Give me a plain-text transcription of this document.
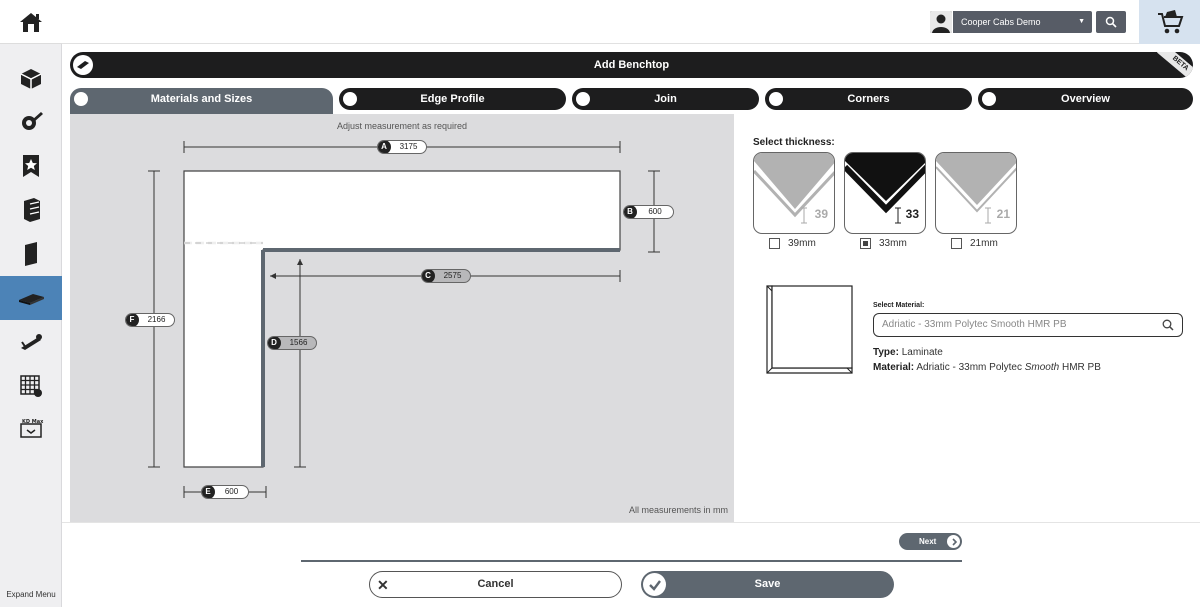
KD Max
Expand Menu
Cooper Cabs Demo	▼
Add Benchtop	BETA
Materials and Sizes	Edge Profile	Join	Corners	Overview
Adjust measurement as required
A	3175
B	600
C	2575
D	1566
E	600
F	2166
All measurements in mm
Select thickness:
39	33	21
39mm	33mm	21mm
Select Material:
Adriatic - 33mm Polytec Smooth HMR PB
Type: Laminate
Material: Adriatic - 33mm Polytec Smooth HMR PB
Next
✕	Cancel	Save
